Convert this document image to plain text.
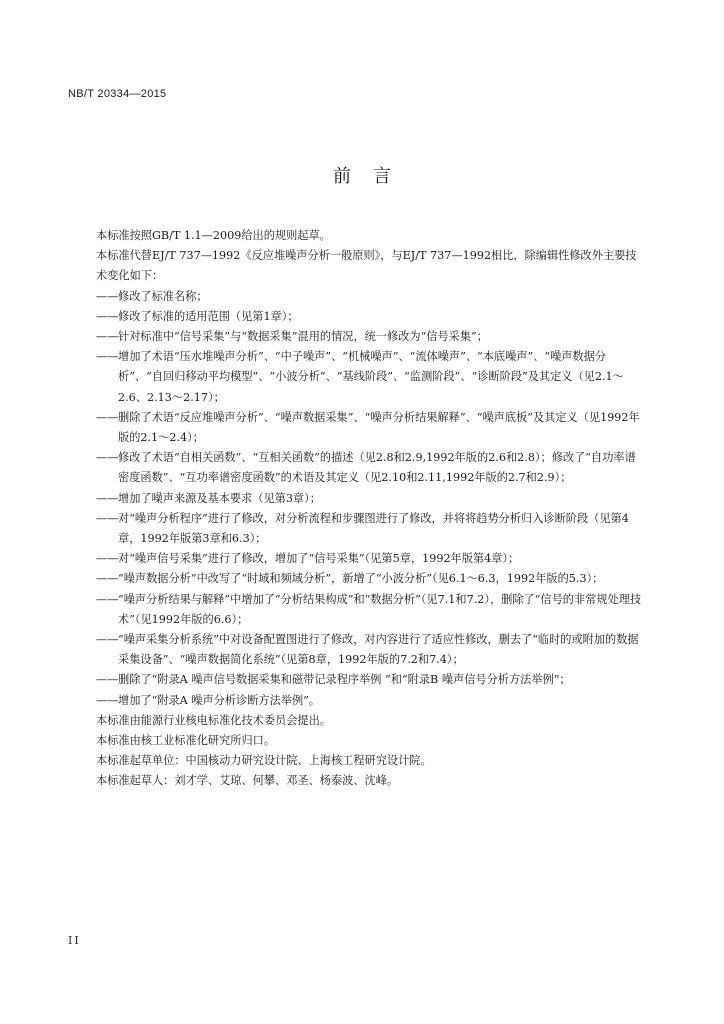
NB/T 20334—2015
前言

本标准按照GB/T 1.1—2009给出的规则起草。

本标准代替EJ/T 737—1992《反应堆噪声分析一般原则》，与EJ/T 737—1992相比，除编辑性修改外主要技术变化如下：

—— 修改了标准名称；
—— 修改了标准的适用范围（见第1章）；
—— 针对标准中“信号采集”与“数据采集”混用的情况，统一修改为“信号采集”；
—— 增加了术语“压水堆噪声分析”、“中子噪声”、“机械噪声”、“流体噪声”、“本底噪声”、“噪声数据分析”、“自回归移动平均模型”、“小波分析”、“基线阶段”、“监测阶段”、“诊断阶段”及其定义（见2.1～2.6、2.13～2.17）；
—— 删除了术语“反应堆噪声分析”、“噪声数据采集”、“噪声分析结果解释”、“噪声底板”及其定义（见1992年版的2.1～2.4）；
—— 修改了术语“自相关函数”、“互相关函数”的描述（见2.8和2.9,1992年版的2.6和2.8）；修改了“自功率谱密度函数”、“互功率谱密度函数”的术语及其定义（见2.10和2.11,1992年版的2.7和2.9）；
—— 增加了噪声来源及基本要求（见第3章）；
—— 对“噪声分析程序”进行了修改，对分析流程和步骤图进行了修改，并将将趋势分析归入诊断阶段（见第4章，1992年版第3章和6.3）；
—— 对“噪声信号采集”进行了修改，增加了“信号采集”（见第5章，1992年版第4章）；
—— “噪声数据分析”中改写了“时域和频域分析”，新增了“小波分析”（见6.1～6.3，1992年版的5.3）；
—— “噪声分析结果与解释”中增加了“分析结果构成”和“数据分析”（见7.1和7.2），删除了“信号的非常规处理技术”（见1992年版的6.6）；
—— “噪声采集分析系统”中对设备配置图进行了修改，对内容进行了适应性修改，删去了“临时的或附加的数据采集设备”、“噪声数据简化系统”（见第8章，1992年版的7.2和7.4）；
—— 删除了“附录A 噪声信号数据采集和磁带记录程序举例 ”和“附录B 噪声信号分析方法举例”；
—— 增加了“附录A 噪声分析诊断方法举例”。

本标准由能源行业核电标准化技术委员会提出。

本标准由核工业标准化研究所归口。

本标准起草单位：中国核动力研究设计院、上海核工程研究设计院。

本标准起草人：刘才学、艾琼、何攀、邓圣、杨泰波、沈峰。

II
